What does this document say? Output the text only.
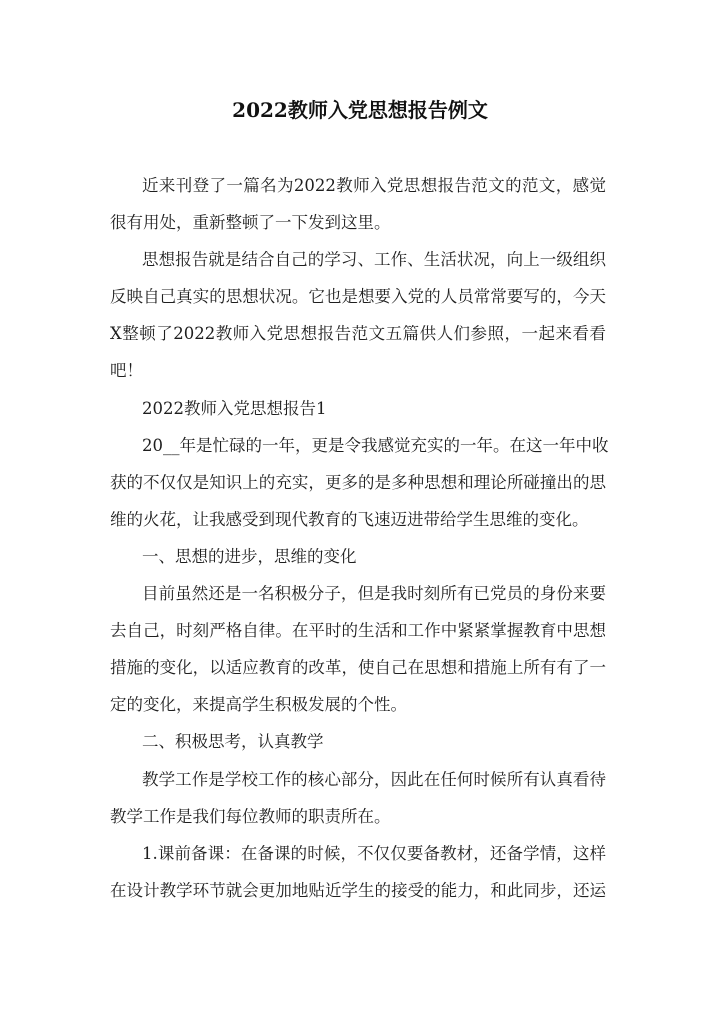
2022教师入党思想报告例文
近来刊登了一篇名为2022教师入党思想报告范文的范文，感觉
很有用处，重新整顿了一下发到这里。
思想报告就是结合自己的学习、工作、生活状况，向上一级组织
反映自己真实的思想状况。它也是想要入党的人员常常要写的，今天
X整顿了2022教师入党思想报告范文五篇供人们参照，一起来看看
吧！
2022教师入党思想报告1
20__年是忙碌的一年，更是令我感觉充实的一年。在这一年中收
获的不仅仅是知识上的充实，更多的是多种思想和理论所碰撞出的思
维的火花，让我感受到现代教育的飞速迈进带给学生思维的变化。
一、思想的进步，思维的变化
目前虽然还是一名积极分子，但是我时刻所有已党员的身份来要
去自己，时刻严格自律。在平时的生活和工作中紧紧掌握教育中思想
措施的变化，以适应教育的改革，使自己在思想和措施上所有有了一
定的变化，来提高学生积极发展的个性。
二、积极思考，认真教学
教学工作是学校工作的核心部分，因此在任何时候所有认真看待
教学工作是我们每位教师的职责所在。
1.课前备课：在备课的时候，不仅仅要备教材，还备学情，这样
在设计教学环节就会更加地贴近学生的接受的能力，和此同步，还运
